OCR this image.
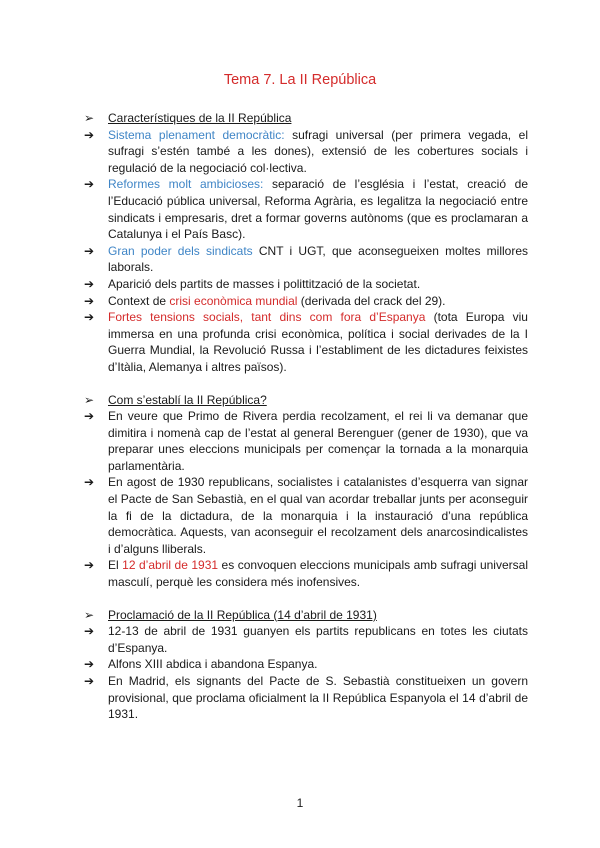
Tema 7. La II República
➢ Característiques de la II República
➔ Sistema plenament democràtic: sufragi universal (per primera vegada, el sufragi s’estén també a les dones), extensió de les cobertures socials i regulació de la negociació col·lectiva.
➔ Reformes molt ambicioses: separació de l’església i l’estat, creació de l’Educació pública universal, Reforma Agrària, es legalitza la negociació entre sindicats i empresaris, dret a formar governs autònoms (que es proclamaran a Catalunya i el País Basc).
➔ Gran poder dels sindicats CNT i UGT, que aconsegueixen moltes millores laborals.
➔ Aparició dels partits de masses i polittització de la societat.
➔ Context de crisi econòmica mundial (derivada del crack del 29).
➔ Fortes tensions socials, tant dins com fora d’Espanya (tota Europa viu immersa en una profunda crisi econòmica, política i social derivades de la I Guerra Mundial, la Revolució Russa i l’establiment de les dictadures feixistes d’Itàlia, Alemanya i altres països).
➢ Com s’establí la II República?
➔ En veure que Primo de Rivera perdia recolzament, el rei li va demanar que dimitira i nomenà cap de l’estat al general Berenguer (gener de 1930), que va preparar unes eleccions municipals per començar la tornada a la monarquia parlamentària.
➔ En agost de 1930 republicans, socialistes i catalanistes d’esquerra van signar el Pacte de San Sebastià, en el qual van acordar treballar junts per aconseguir la fi de la dictadura, de la monarquia i la instauració d’una república democràtica. Aquests, van aconseguir el recolzament dels anarcosindicalistes i d’alguns lliberals.
➔ El 12 d’abril de 1931 es convoquen eleccions municipals amb sufragi universal masculí, perquè les considera més inofensives.
➢ Proclamació de la II República (14 d’abril de 1931)
➔ 12-13 de abril de 1931 guanyen els partits republicans en totes les ciutats d’Espanya.
➔ Alfons XIII abdica i abandona Espanya.
➔ En Madrid, els signants del Pacte de S. Sebastià constitueixen un govern provisional, que proclama oficialment la II República Espanyola el 14 d’abril de 1931.
1
